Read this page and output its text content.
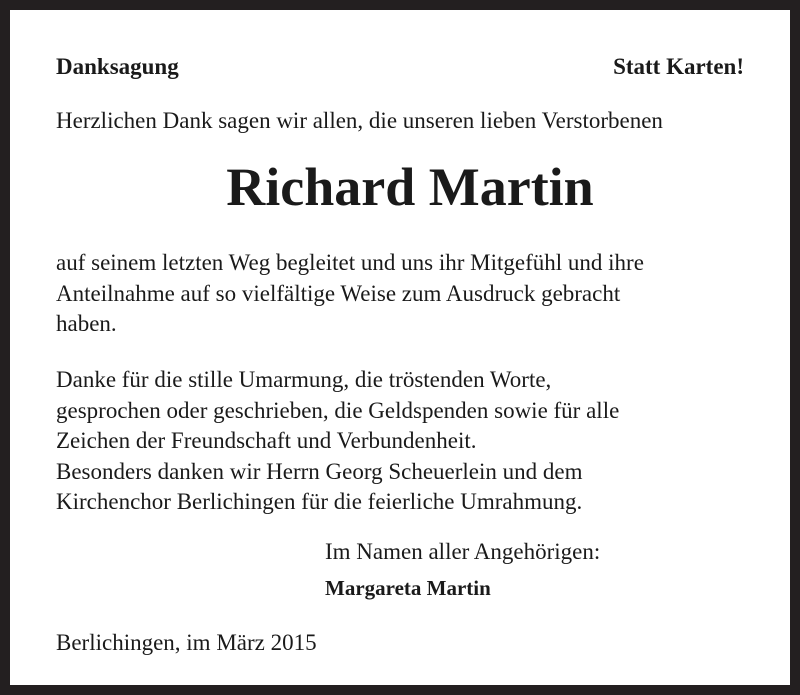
Danksagung	Statt Karten!
Herzlichen Dank sagen wir allen, die unseren lieben Verstorbenen
Richard Martin
auf seinem letzten Weg begleitet und uns ihr Mitgefühl und ihre
Anteilnahme auf so vielfältige Weise zum Ausdruck gebracht
haben.
Danke für die stille Umarmung, die tröstenden Worte,
gesprochen oder geschrieben, die Geldspenden sowie für alle
Zeichen der Freundschaft und Verbundenheit.
Besonders danken wir Herrn Georg Scheuerlein und dem
Kirchenchor Berlichingen für die feierliche Umrahmung.
Im Namen aller Angehörigen:
Margareta Martin
Berlichingen, im März 2015
